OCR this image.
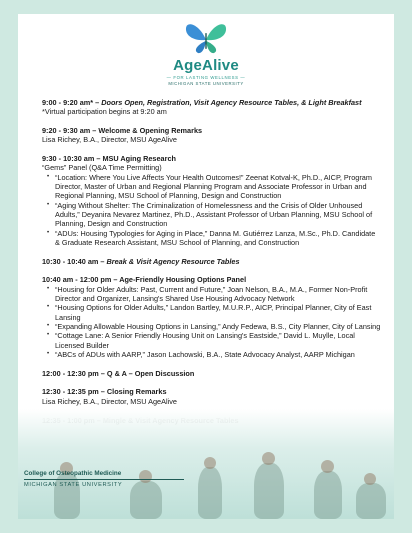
AgeAlive
— FOR LASTING WELLNESS —
MICHIGAN STATE UNIVERSITY
9:00 - 9:20 am* – Doors Open, Registration, Visit Agency Resource Tables, & Light Breakfast
*Virtual participation begins at 9:20 am
9:20 - 9:30 am – Welcome & Opening Remarks
Lisa Richey, B.A., Director, MSU AgeAlive
9:30 - 10:30 am – MSU Aging Research
“Gems” Panel (Q&A Time Permitting)
• “Location: Where You Live Affects Your Health Outcomes!” Zeenat Kotval-K, Ph.D., AICP, Program Director, Master of Urban and Regional Planning Program and Associate Professor in Urban and Regional Planning, MSU School of Planning, Design and Construction
• “Aging Without Shelter: The Criminalization of Homelessness and the Crisis of Older Unhoused Adults,” Deyanira Nevarez Martinez, Ph.D., Assistant Professor of Urban Planning, MSU School of Planning, Design and Construction
• “ADUs: Housing Typologies for Aging in Place,” Danna M. Gutiérrez Lanza, M.Sc., Ph.D. Candidate & Graduate Research Assistant, MSU School of Planning, and Construction
10:30 - 10:40 am – Break & Visit Agency Resource Tables
10:40 am - 12:00 pm – Age-Friendly Housing Options Panel
• “Housing for Older Adults: Past, Current and Future,” Joan Nelson, B.A., M.A., Former Non-Profit Director and Organizer, Lansing's Shared Use Housing Advocacy Network
• “Housing Options for Older Adults,” Landon Bartley, M.U.R.P., AICP, Principal Planner, City of East Lansing
• “Expanding Allowable Housing Options in Lansing,” Andy Fedewa, B.S., City Planner, City of Lansing
• “Cottage Lane: A Senior Friendly Housing Unit on Lansing's Eastside,” David L. Muylle, Local Licensed Builder
• “ABCs of ADUs with AARP,” Jason Lachowski, B.A., State Advocacy Analyst, AARP Michigan
12:00 - 12:30 pm – Q & A – Open Discussion
12:30 - 12:35 pm – Closing Remarks
Lisa Richey, B.A., Director, MSU AgeAlive
College of Osteopathic Medicine
MICHIGAN STATE UNIVERSITY
